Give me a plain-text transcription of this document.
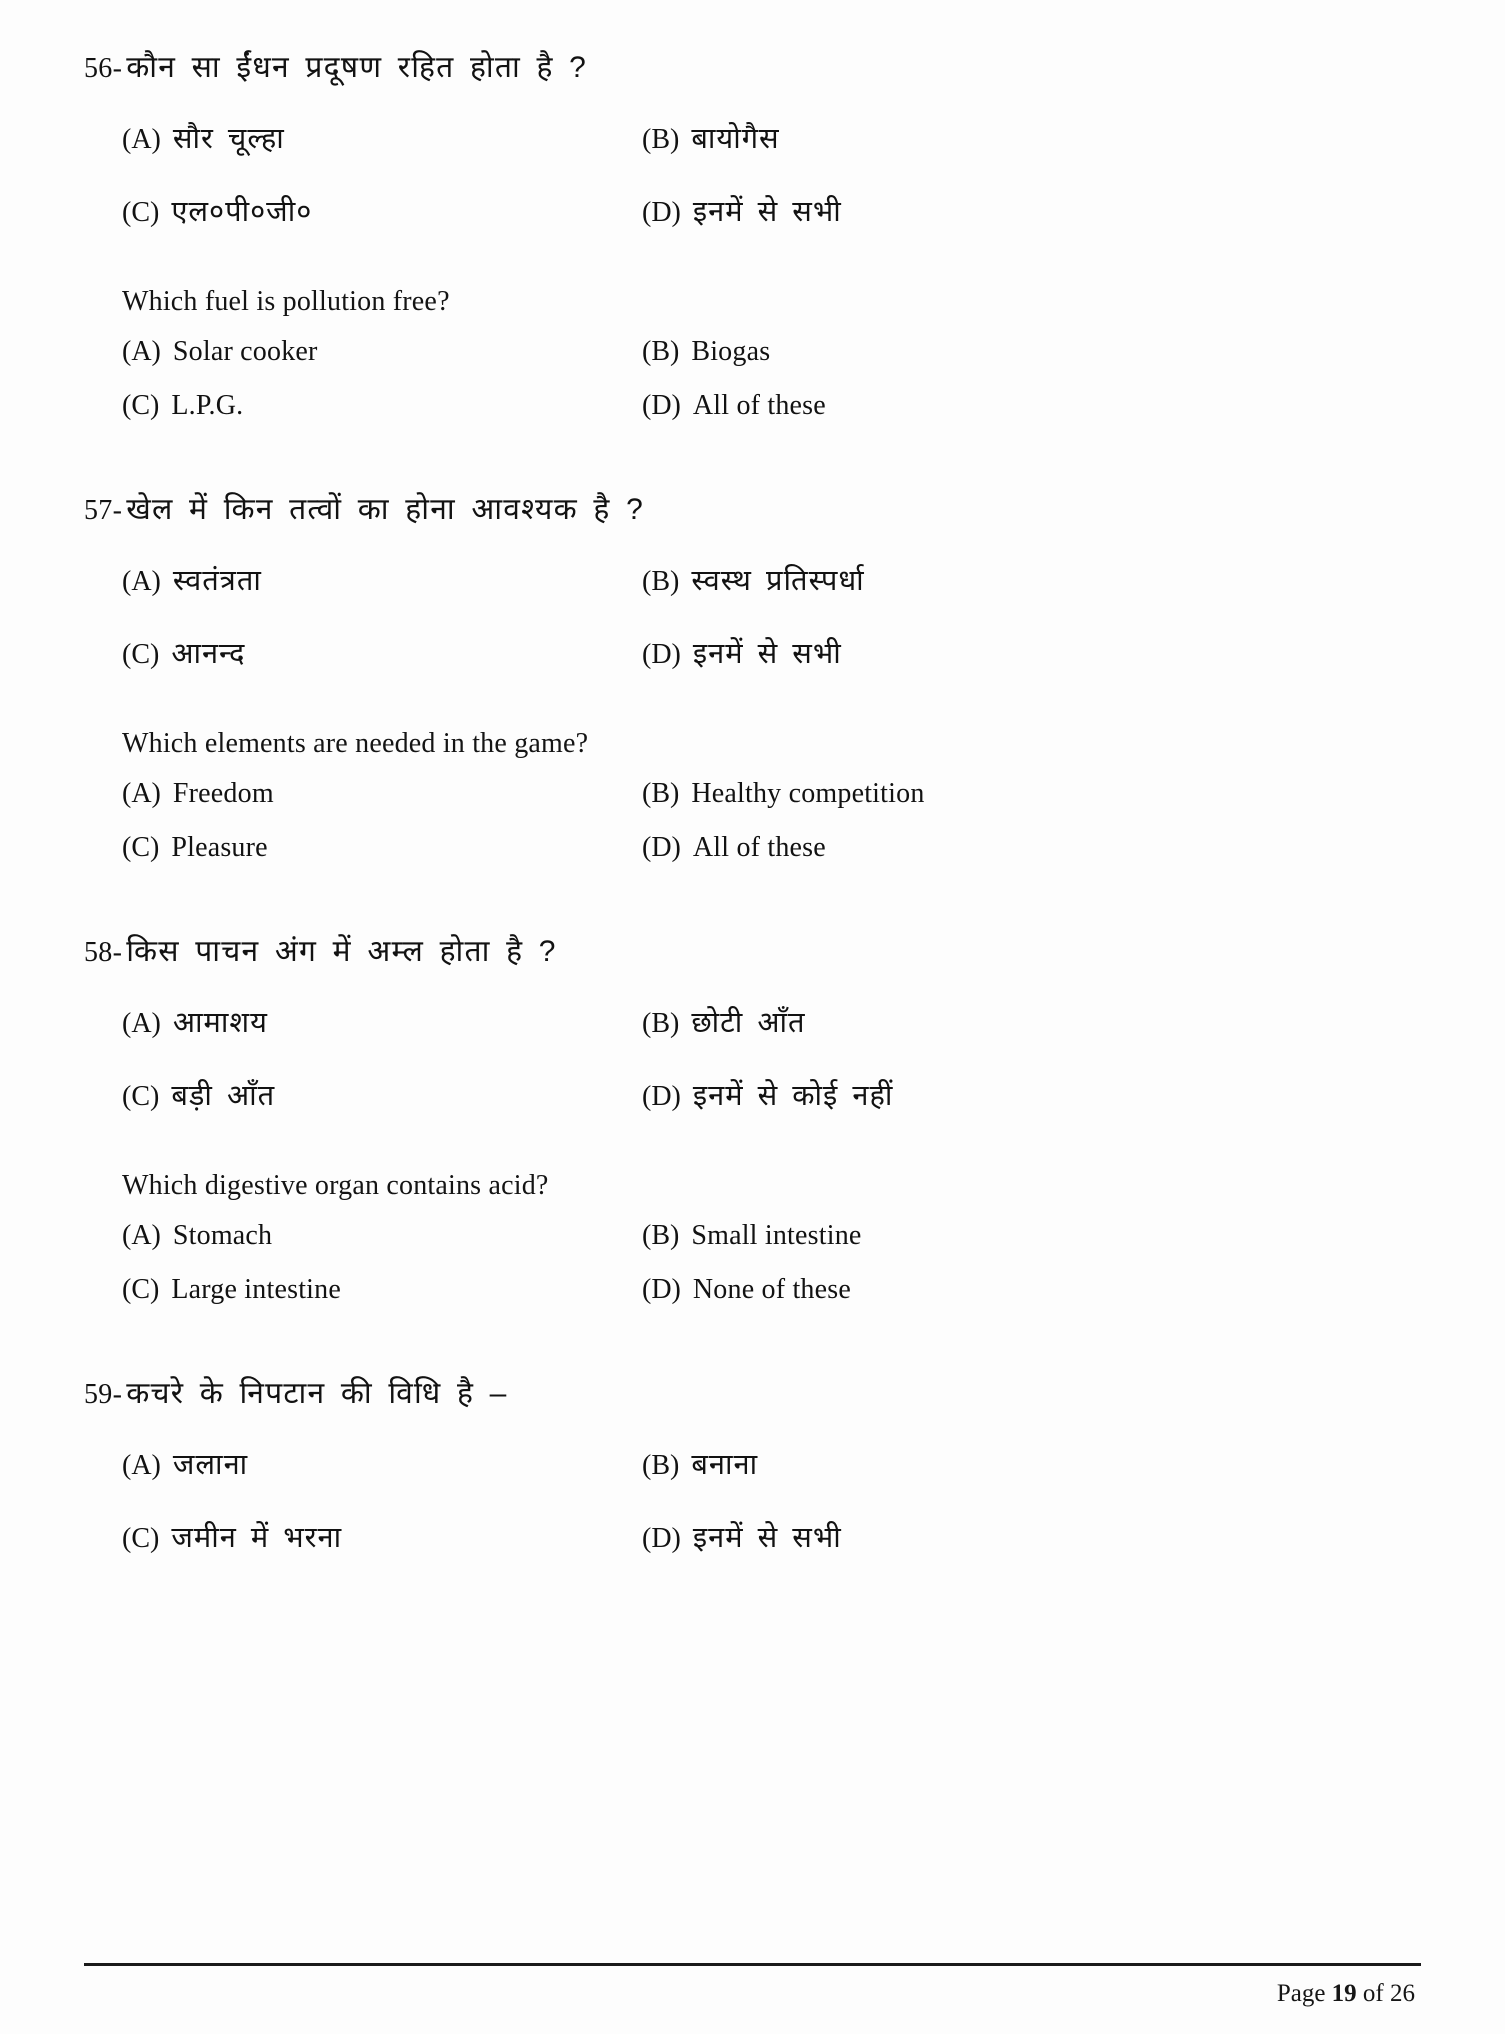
56- कौन सा ईंधन प्रदूषण रहित होता है ?
(A) सौर चूल्हा	(B) बायोगैस
(C) एल०पी०जी०	(D) इनमें से सभी
Which fuel is pollution free?
(A) Solar cooker	(B) Biogas
(C) L.P.G.	(D) All of these
57- खेल में किन तत्वों का होना आवश्यक है ?
(A) स्वतंत्रता	(B) स्वस्थ प्रतिस्पर्धा
(C) आनन्द	(D) इनमें से सभी
Which elements are needed in the game?
(A) Freedom	(B) Healthy competition
(C) Pleasure	(D) All of these
58- किस पाचन अंग में अम्ल होता है ?
(A) आमाशय	(B) छोटी आँत
(C) बड़ी आँत	(D) इनमें से कोई नहीं
Which digestive organ contains acid?
(A) Stomach	(B) Small intestine
(C) Large intestine	(D) None of these
59- कचरे के निपटान की विधि है –
(A) जलाना	(B) बनाना
(C) जमीन में भरना	(D) इनमें से सभी
Page 19 of 26
